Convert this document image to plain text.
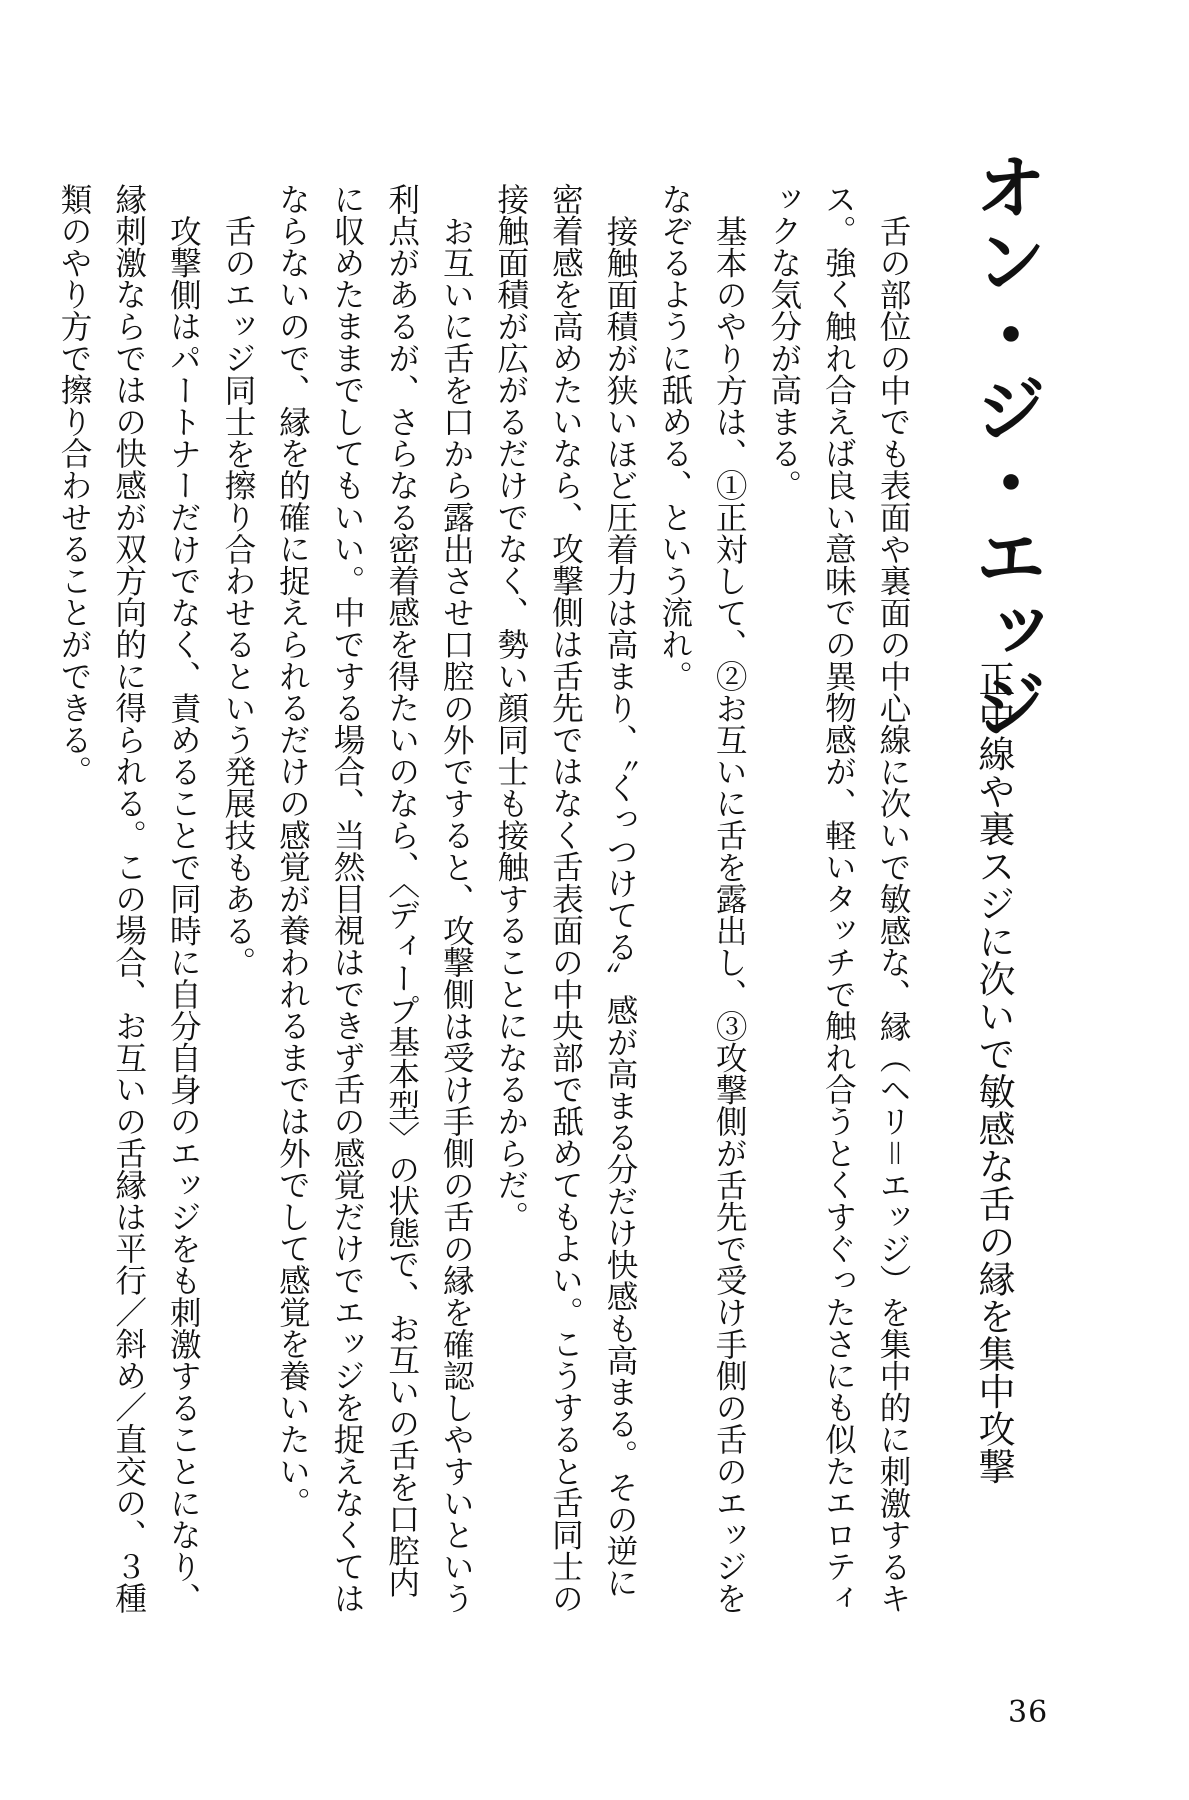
オン・ジ・エッジ
正中線や裏スジに次いで敏感な舌の縁を集中攻撃

舌の部位の中でも表面や裏面の中心線に次いで敏感な、縁（ヘリ＝エッジ）を集中的に刺激するキス。強く触れ合えば良い意味での異物感が、軽いタッチで触れ合うとくすぐったさにも似たエロティックな気分が高まる。

基本のやり方は、①正対して、②お互いに舌を露出し、③攻撃側が舌先で受け手側の舌のエッジをなぞるように舐める、という流れ。

接触面積が狭いほど圧着力は高まり、〝くっつけてる〟感が高まる分だけ快感も高まる。その逆に密着感を高めたいなら、攻撃側は舌先ではなく舌表面の中央部で舐めてもよい。こうすると舌同士の接触面積が広がるだけでなく、勢い顔同士も接触することになるからだ。

お互いに舌を口から露出させ口腔の外ですると、攻撃側は受け手側の舌の縁を確認しやすいという利点があるが、さらなる密着感を得たいのなら、〈ディープ基本型〉の状態で、お互いの舌を口腔内に収めたままでしてもいい。中でする場合、当然目視はできず舌の感覚だけでエッジを捉えなくてはならないので、縁を的確に捉えられるだけの感覚が養われるまでは外でして感覚を養いたい。

舌のエッジ同士を擦り合わせるという発展技もある。

攻撃側はパートナーだけでなく、責めることで同時に自分自身のエッジをも刺激することになり、縁刺激ならではの快感が双方向的に得られる。この場合、お互いの舌縁は平行／斜め／直交の、３種類のやり方で擦り合わせることができる。

36
